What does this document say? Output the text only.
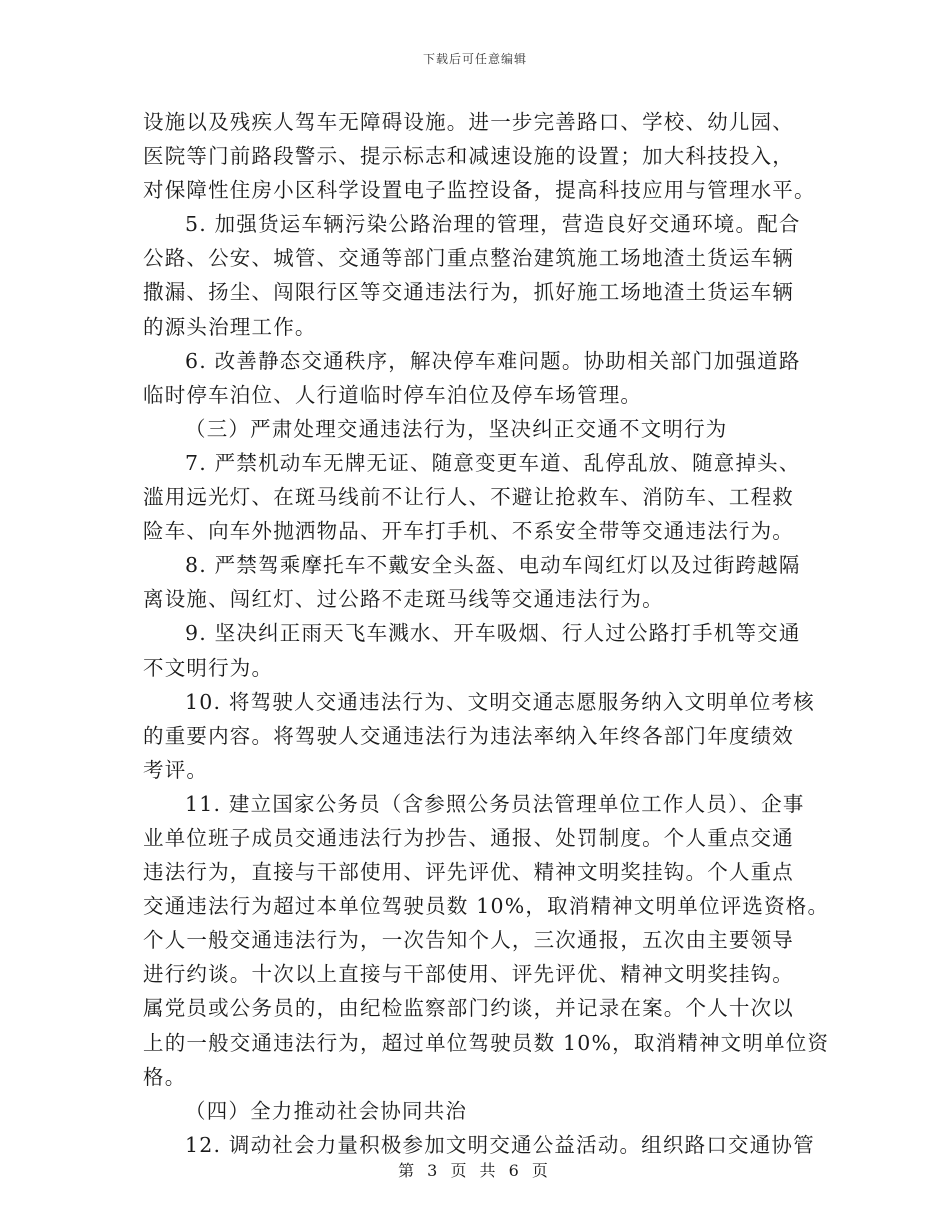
下载后可任意编辑
设施以及残疾人驾车无障碍设施。进一步完善路口、学校、幼儿园、
医院等门前路段警示、提示标志和减速设施的设置；加大科技投入，
对保障性住房小区科学设置电子监控设备，提高科技应用与管理水平。
5. 加强货运车辆污染公路治理的管理，营造良好交通环境。配合
公路、公安、城管、交通等部门重点整治建筑施工场地渣土货运车辆
撒漏、扬尘、闯限行区等交通违法行为，抓好施工场地渣土货运车辆
的源头治理工作。
6. 改善静态交通秩序，解决停车难问题。协助相关部门加强道路
临时停车泊位、人行道临时停车泊位及停车场管理。
（三）严肃处理交通违法行为，坚决纠正交通不文明行为
7. 严禁机动车无牌无证、随意变更车道、乱停乱放、随意掉头、
滥用远光灯、在斑马线前不让行人、不避让抢救车、消防车、工程救
险车、向车外抛洒物品、开车打手机、不系安全带等交通违法行为。
8. 严禁驾乘摩托车不戴安全头盔、电动车闯红灯以及过街跨越隔
离设施、闯红灯、过公路不走斑马线等交通违法行为。
9. 坚决纠正雨天飞车溅水、开车吸烟、行人过公路打手机等交通
不文明行为。
10. 将驾驶人交通违法行为、文明交通志愿服务纳入文明单位考核
的重要内容。将驾驶人交通违法行为违法率纳入年终各部门年度绩效
考评。
11. 建立国家公务员（含参照公务员法管理单位工作人员）、企事
业单位班子成员交通违法行为抄告、通报、处罚制度。个人重点交通
违法行为，直接与干部使用、评先评优、精神文明奖挂钩。个人重点
交通违法行为超过本单位驾驶员数 10%，取消精神文明单位评选资格。
个人一般交通违法行为，一次告知个人，三次通报，五次由主要领导
进行约谈。十次以上直接与干部使用、评先评优、精神文明奖挂钩。
属党员或公务员的，由纪检监察部门约谈，并记录在案。个人十次以
上的一般交通违法行为，超过单位驾驶员数 10%，取消精神文明单位资
格。
（四）全力推动社会协同共治
12. 调动社会力量积极参加文明交通公益活动。组织路口交通协管
第 3 页 共 6 页
